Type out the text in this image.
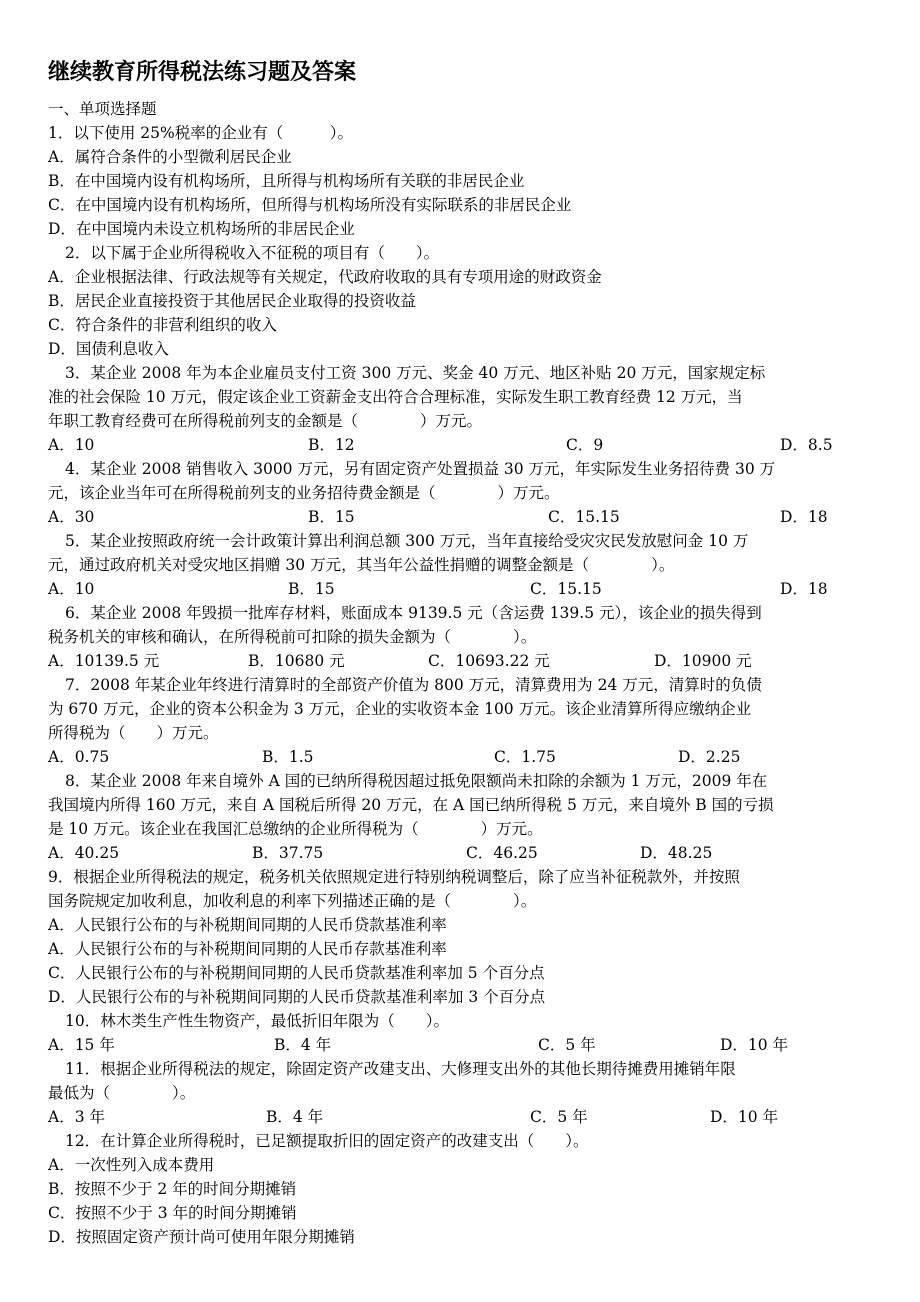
继续教育所得税法练习题及答案
一、单项选择题
1．以下使用 25%税率的企业有（　　　）。
A．属符合条件的小型微利居民企业
B．在中国境内设有机构场所，且所得与机构场所有关联的非居民企业
C．在中国境内设有机构场所，但所得与机构场所没有实际联系的非居民企业
D．在中国境内未设立机构场所的非居民企业
2．以下属于企业所得税收入不征税的项目有（　　）。
A．企业根据法律、行政法规等有关规定，代政府收取的具有专项用途的财政资金
B．居民企业直接投资于其他居民企业取得的投资收益
C．符合条件的非营利组织的收入
D．国债利息收入
3．某企业 2008 年为本企业雇员支付工资 300 万元、奖金 40 万元、地区补贴 20 万元，国家规定标
准的社会保险 10 万元，假定该企业工资薪金支出符合合理标准，实际发生职工教育经费 12 万元，当
年职工教育经费可在所得税前列支的金额是（　　　　）万元。
A．10	B．12	C．9	D．8.5
4．某企业 2008 销售收入 3000 万元，另有固定资产处置损益 30 万元，年实际发生业务招待费 30 万
元，该企业当年可在所得税前列支的业务招待费金额是（　　　　）万元。
A．30	B．15	C．15.15	D．18
5．某企业按照政府统一会计政策计算出利润总额 300 万元，当年直接给受灾灾民发放慰问金 10 万
元，通过政府机关对受灾地区捐赠 30 万元，其当年公益性捐赠的调整金额是（　　　　）。
A．10	B．15	C．15.15	D．18
6．某企业 2008 年毁损一批库存材料，账面成本 9139.5 元（含运费 139.5 元），该企业的损失得到
税务机关的审核和确认，在所得税前可扣除的损失金额为（　　　　）。
A．10139.5 元	B．10680 元	C．10693.22 元	D．10900 元
7．2008 年某企业年终进行清算时的全部资产价值为 800 万元，清算费用为 24 万元，清算时的负债
为 670 万元，企业的资本公积金为 3 万元，企业的实收资本金 100 万元。该企业清算所得应缴纳企业
所得税为（　　）万元。
A．0.75	B．1.5	C．1.75	D．2.25
8．某企业 2008 年来自境外 A 国的已纳所得税因超过抵免限额尚未扣除的余额为 1 万元，2009 年在
我国境内所得 160 万元，来自 A 国税后所得 20 万元，在 A 国已纳所得税 5 万元，来自境外 B 国的亏损
是 10 万元。该企业在我国汇总缴纳的企业所得税为（　　　　）万元。
A．40.25	B．37.75	C．46.25	D．48.25
9．根据企业所得税法的规定，税务机关依照规定进行特别纳税调整后，除了应当补征税款外，并按照
国务院规定加收利息，加收利息的利率下列描述正确的是（　　　　）。
A．人民银行公布的与补税期间同期的人民币贷款基准利率
A．人民银行公布的与补税期间同期的人民币存款基准利率
C．人民银行公布的与补税期间同期的人民币贷款基准利率加 5 个百分点
D．人民银行公布的与补税期间同期的人民币贷款基准利率加 3 个百分点
10．林木类生产性生物资产，最低折旧年限为（　　）。
A．15 年	B．4 年	C．5 年	D．10 年
11．根据企业所得税法的规定，除固定资产改建支出、大修理支出外的其他长期待摊费用摊销年限
最低为（　　　　）。
A．3 年	B．4 年	C．5 年	D．10 年
12．在计算企业所得税时，已足额提取折旧的固定资产的改建支出（　　）。
A．一次性列入成本费用
B．按照不少于 2 年的时间分期摊销
C．按照不少于 3 年的时间分期摊销
D．按照固定资产预计尚可使用年限分期摊销
